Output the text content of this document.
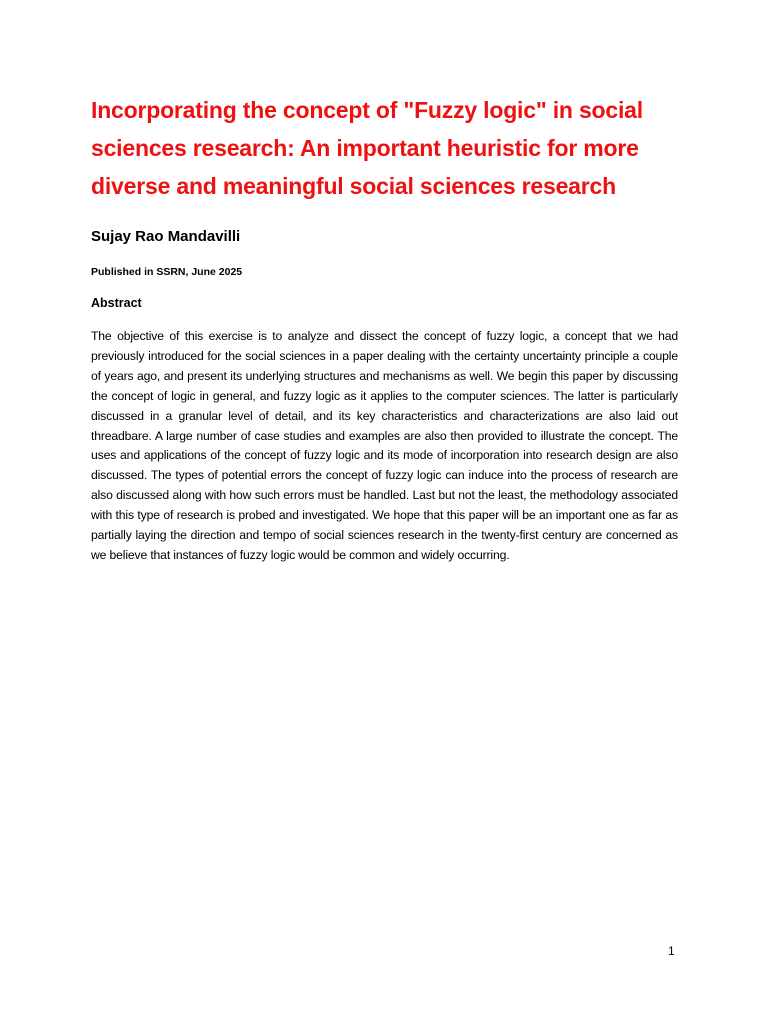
Incorporating the concept of "Fuzzy logic" in social sciences research: An important heuristic for more diverse and meaningful social sciences research

Sujay Rao Mandavilli

Published in SSRN, June 2025

Abstract

The objective of this exercise is to analyze and dissect the concept of fuzzy logic, a concept that we had previously introduced for the social sciences in a paper dealing with the certainty uncertainty principle a couple of years ago, and present its underlying structures and mechanisms as well. We begin this paper by discussing the concept of logic in general, and fuzzy logic as it applies to the computer sciences. The latter is particularly discussed in a granular level of detail, and its key characteristics and characterizations are also laid out threadbare. A large number of case studies and examples are also then provided to illustrate the concept. The uses and applications of the concept of fuzzy logic and its mode of incorporation into research design are also discussed. The types of potential errors the concept of fuzzy logic can induce into the process of research are also discussed along with how such errors must be handled. Last but not the least, the methodology associated with this type of research is probed and investigated. We hope that this paper will be an important one as far as partially laying the direction and tempo of social sciences research in the twenty-first century are concerned as we believe that instances of fuzzy logic would be common and widely occurring.

1
